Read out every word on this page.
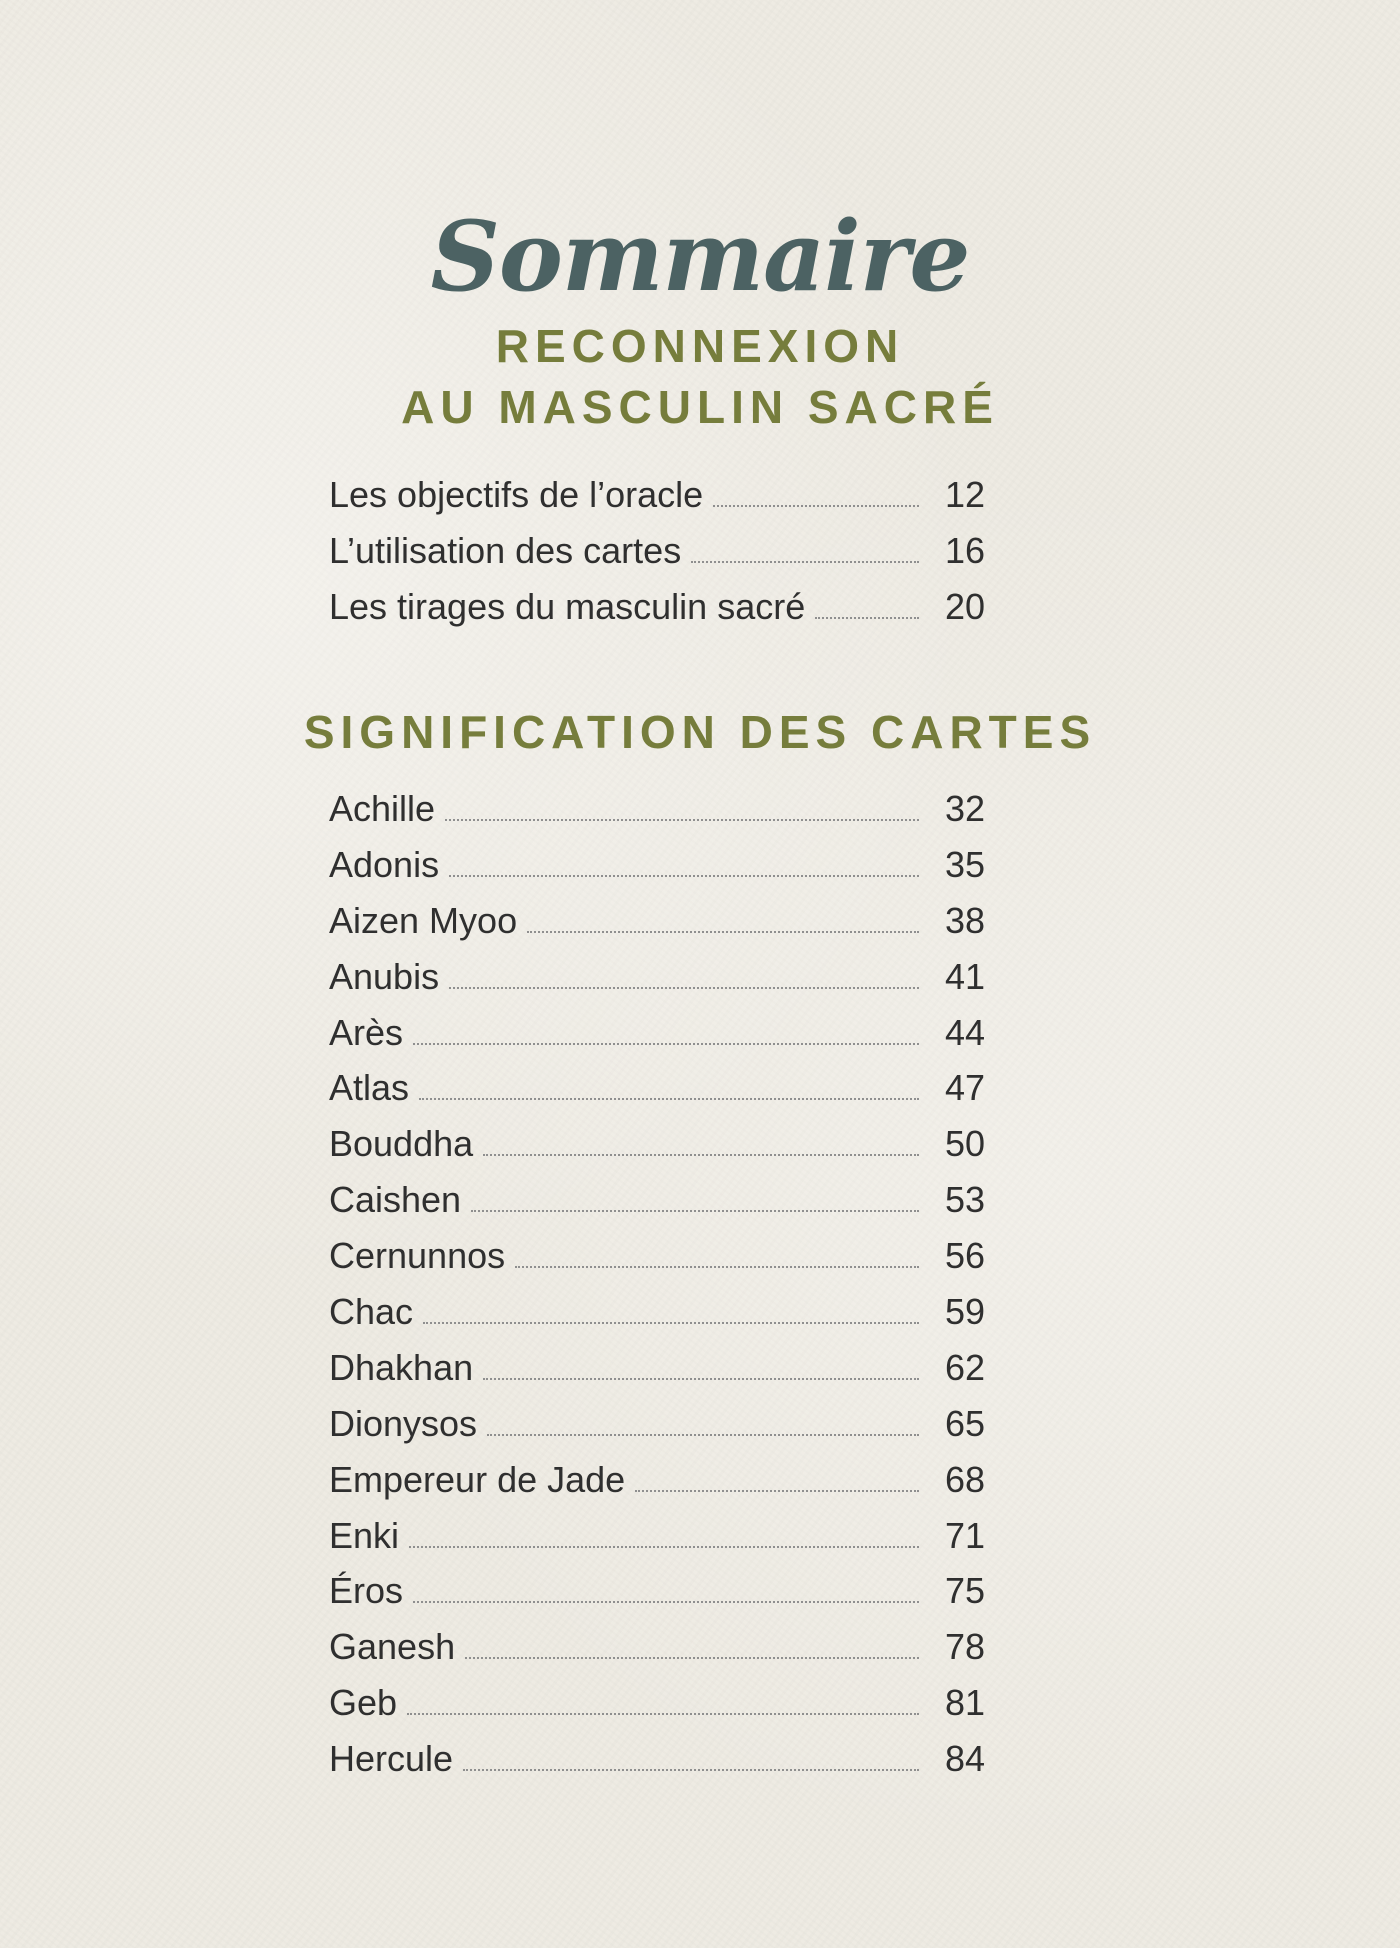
Sommaire
RECONNEXION
AU MASCULIN SACRÉ
Les objectifs de l’oracle	12
L’utilisation des cartes	16
Les tirages du masculin sacré	20
SIGNIFICATION DES CARTES
Achille	32
Adonis	35
Aizen Myoo	38
Anubis	41
Arès	44
Atlas	47
Bouddha	50
Caishen	53
Cernunnos	56
Chac	59
Dhakhan	62
Dionysos	65
Empereur de Jade	68
Enki	71
Éros	75
Ganesh	78
Geb	81
Hercule	84
